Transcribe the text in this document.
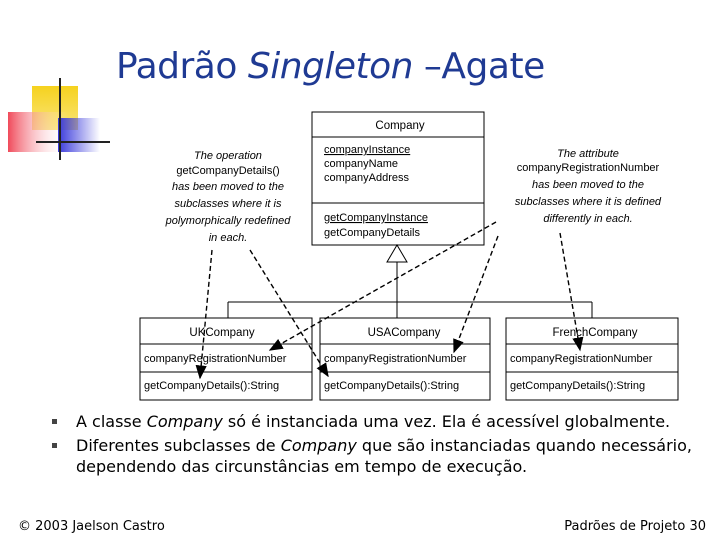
Padrão Singleton –Agate
Company
companyInstance
companyName
companyAddress
getCompanyInstance
getCompanyDetails
UKCompany
companyRegistrationNumber
getCompanyDetails():String
USACompany
companyRegistrationNumber
getCompanyDetails():String
FrenchCompany
companyRegistrationNumber
getCompanyDetails():String
The operation
getCompanyDetails()
has been moved to the
subclasses where it is
polymorphically redefined
in each.
The attribute
companyRegistrationNumber
has been moved to the
subclasses where it is defined
differently in each.
A classe Company só é instanciada uma vez. Ela é acessível globalmente.
Diferentes subclasses de Company que são instanciadas quando necessário, dependendo das circunstâncias em tempo de execução.
© 2003 Jaelson Castro	Padrões de Projeto 30
